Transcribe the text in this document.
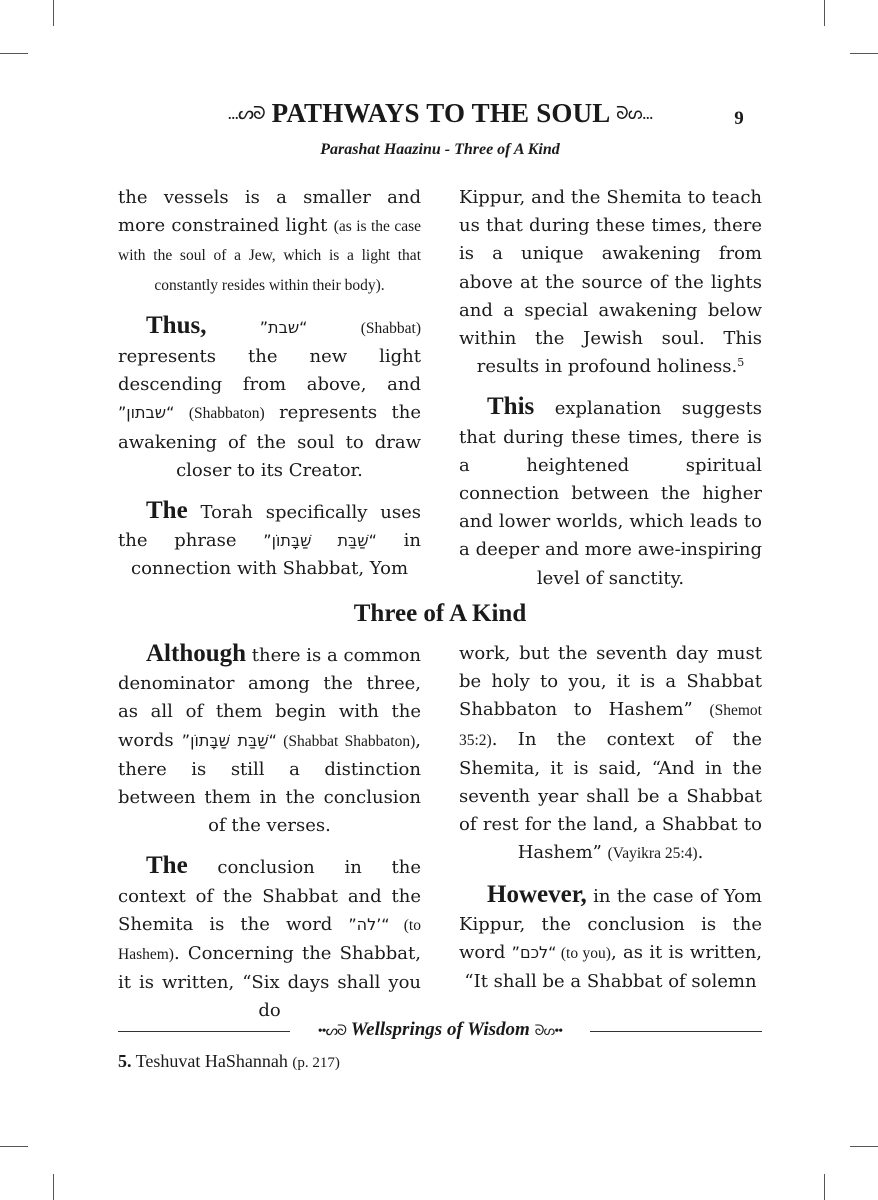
...ᔕᘐ PATHWAYS TO THE SOUL ᘐᔕ...	9
Parashat Haazinu - Three of A Kind

the vessels is a smaller and more constrained light (as is the case with the soul of a Jew, which is a light that constantly resides within their body).

Thus,	”שבת“	(Shabbat) represents the new light descending from above, and ”שבתון“ (Shabbaton) represents the awakening of the soul to draw closer to its Creator.

The Torah specifically uses the phrase ”שַׁבַּת שַׁבָּתוֹן“ in connection with Shabbat, Yom

Kippur, and the Shemita to teach us that during these times, there is a unique awakening from above at the source of the lights and a special awakening below within the Jewish soul. This results in profound holiness.$^5$

This explanation suggests that during these times, there is a heightened spiritual connection between the higher and lower worlds, which leads to a deeper and more awe-inspiring level of sanctity.

Three of A Kind

Although there is a common denominator among the three, as all of them begin with the words ”שַׁבַּת שַׁבָּתוֹן“ (Shabbat Shabbaton), there is still a distinction between them in the conclusion of the verses.

The conclusion in the context of the Shabbat and the Shemita is the word ”לה’“ (to Hashem). Concerning the Shabbat, it is written, “Six days shall you do

work, but the seventh day must be holy to you, it is a Shabbat Shabbaton to Hashem” (Shemot 35:2). In the context of the Shemita, it is said, “And in the seventh year shall be a Shabbat of rest for the land, a Shabbat to Hashem” (Vayikra 25:4).

However, in the case of Yom Kippur, the conclusion is the word ”לכם“ (to you), as it is written, “It shall be a Shabbat of solemn

••ᔕᘐ Wellsprings of Wisdom ᘐᔕ••
5. Teshuvat HaShannah (p. 217)
